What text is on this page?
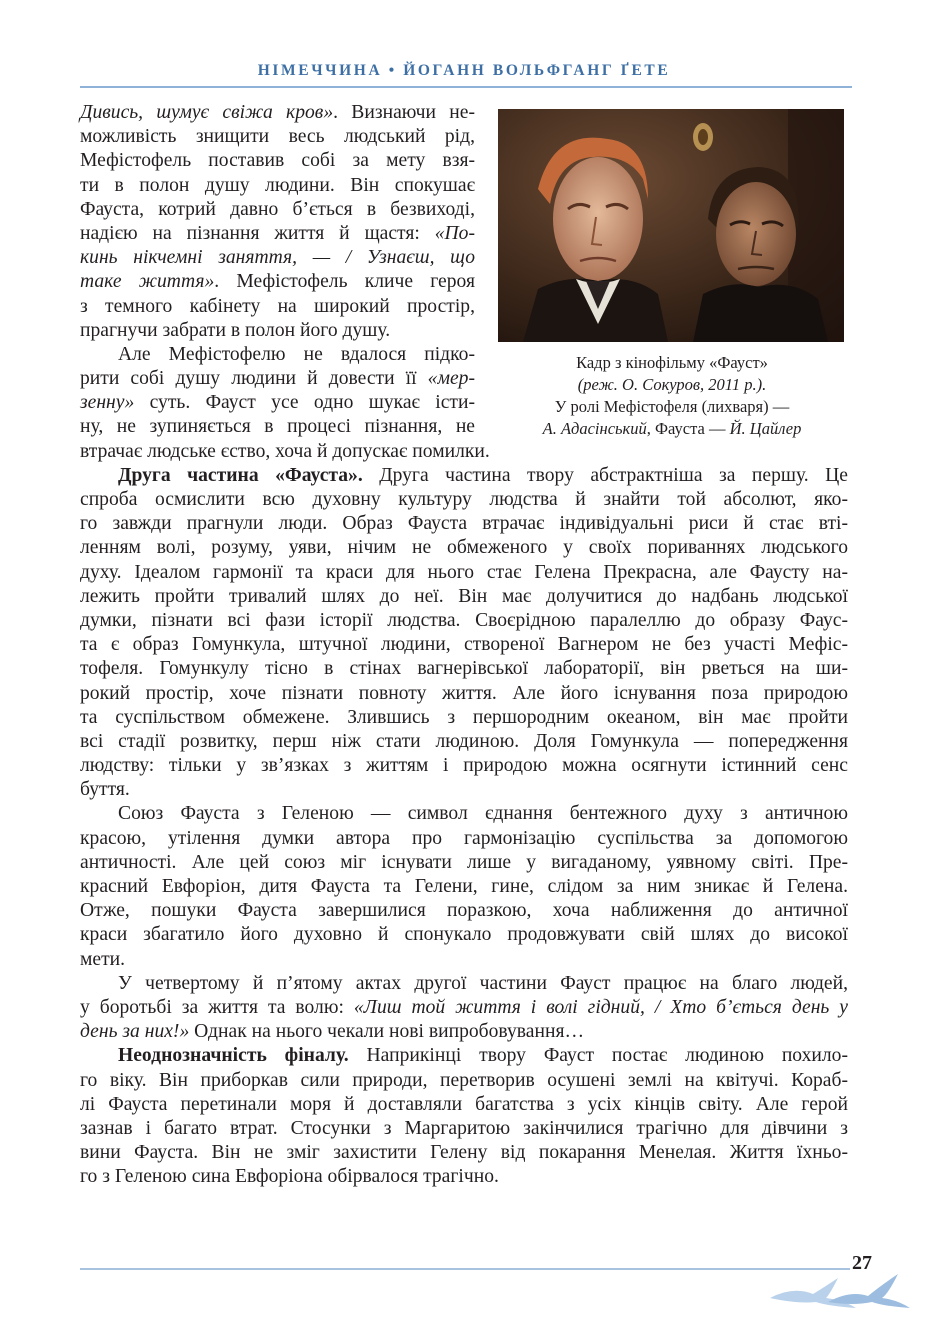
НІМЕЧЧИНА • ЙОГАНН ВОЛЬФГАНГ ҐЕТЕ

Кадр з кінофільму «Фауст»

(реж. О. Сокуров, 2011 р.).

У ролі Мефістофеля (лихваря) —

А. Адасінський, Фауста — Й. Цайлер

Дивись, шумує свіжа кров». Визнаючи не-
можливість знищити весь людський рід,
Мефістофель поставив собі за мету взя-
ти в полон душу людини. Він спокушає
Фауста, котрий давно б’ється в безвиході,
надією на пізнання життя й щастя: «По-
кинь нікчемні заняття, — / Узнаєш, що
таке життя». Мефістофель кличе героя
з темного кабінету на широкий простір,
прагнучи забрати в полон його душу.
Але Мефістофелю не вдалося підко-
рити собі душу людини й довести її «мер-
зенну» суть. Фауст усе одно шукає істи-
ну, не зупиняється в процесі пізнання, не
втрачає людське єство, хоча й допускає помилки.
Друга частина «Фауста». Друга частина твору абстрактніша за першу. Це
спроба осмислити всю духовну культуру людства й знайти той абсолют, яко-
го завжди прагнули люди. Образ Фауста втрачає індивідуальні риси й стає вті-
ленням волі, розуму, уяви, нічим не обмеженого у своїх пориваннях людського
духу. Ідеалом гармонії та краси для нього стає Гелена Прекрасна, але Фаусту на-
лежить пройти тривалий шлях до неї. Він має долучитися до надбань людської
думки, пізнати всі фази історії людства. Своєрідною паралеллю до образу Фаус-
та є образ Гомункула, штучної людини, створеної Вагнером не без участі Мефіс-
тофеля. Гомункулу тісно в стінах вагнерівської лабораторії, він рветься на ши-
рокий простір, хоче пізнати повноту життя. Але його існування поза природою
та суспільством обмежене. Злившись з першородним океаном, він має пройти
всі стадії розвитку, перш ніж стати людиною. Доля Гомункула — попередження
людству: тільки у зв’язках з життям і природою можна осягнути істинний сенс
буття.
Союз Фауста з Геленою — символ єднання бентежного духу з античною
красою, утілення думки автора про гармонізацію суспільства за допомогою
античності. Але цей союз міг існувати лише у вигаданому, уявному світі. Пре-
красний Евфоріон, дитя Фауста та Гелени, гине, слідом за ним зникає й Гелена.
Отже, пошуки Фауста завершилися поразкою, хоча наближення до античної
краси збагатило його духовно й спонукало продовжувати свій шлях до високої
мети.
У четвертому й п’ятому актах другої частини Фауст працює на благо людей,
у боротьбі за життя та волю: «Лиш той життя і волі гідний, / Хто б’ється день у
день за них!» Однак на нього чекали нові випробовування…
Неоднозначність фіналу. Наприкінці твору Фауст постає людиною похило-
го віку. Він приборкав сили природи, перетворив осушені землі на квітучі. Кораб-
лі Фауста перетинали моря й доставляли багатства з усіх кінців світу. Але герой
зазнав і багато втрат. Стосунки з Маргаритою закінчилися трагічно для дівчини з
вини Фауста. Він не зміг захистити Гелену від покарання Менелая. Життя їхньо-
го з Геленою сина Евфоріона обірвалося трагічно.
27
